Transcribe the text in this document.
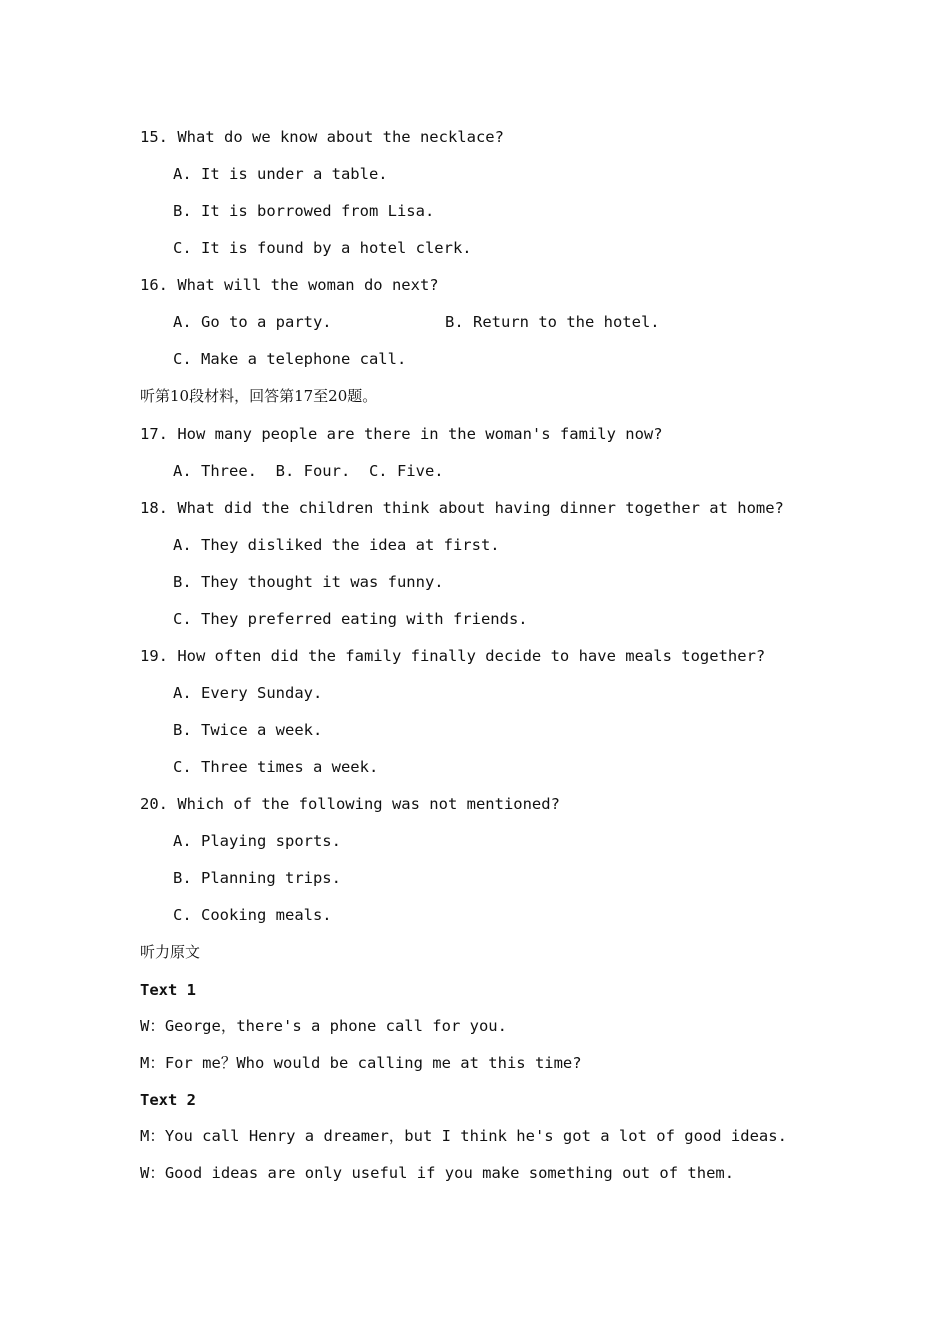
15. What do we know about the necklace?
A. It is under a table.
B. It is borrowed from Lisa.
C. It is found by a hotel clerk.
16. What will the woman do next?
A. Go to a party.	B. Return to the hotel.
C. Make a telephone call.
听第10段材料，回答第17至20题。
17. How many people are there in the woman's family now?
A. Three.  B. Four.  C. Five.
18. What did the children think about having dinner together at home?
A. They disliked the idea at first.
B. They thought it was funny.
C. They preferred eating with friends.
19. How often did the family finally decide to have meals together?
A. Every Sunday.
B. Twice a week.
C. Three times a week.
20. Which of the following was not mentioned?
A. Playing sports.
B. Planning trips.
C. Cooking meals.
听力原文
Text 1
W：George，there's a phone call for you.
M：For me？Who would be calling me at this time?
Text 2
M：You call Henry a dreamer，but I think he's got a lot of good ideas.
W：Good ideas are only useful if you make something out of them.
